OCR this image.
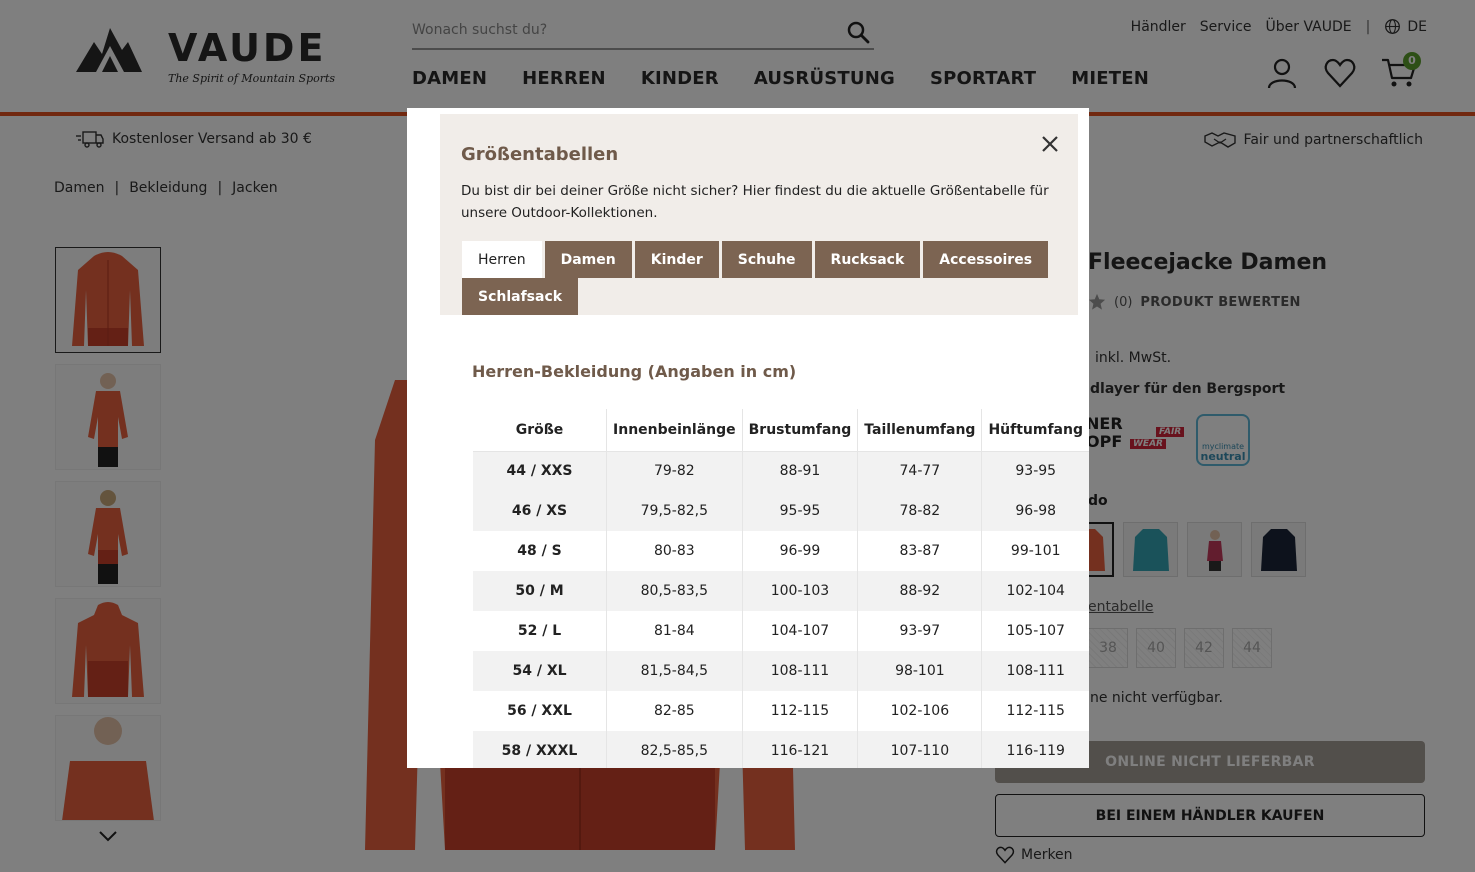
Wonach suchst du?
Größentabellen
Du bist dir bei deiner Größe nicht sicher? Hier findest du die aktuelle Größentabelle für unsere Outdoor-Kollektionen.
Herren	Damen	Kinder	Schuhe	Rucksack	Accessoires
Schlafsack
Herren-Bekleidung (Angaben in cm)
Größe	Innenbeinlänge	Brustumfang	Taillenumfang	Hüftumfang
44 / XXS	79-82	88-91	74-77	93-95
46 / XS	79,5-82,5	95-95	78-82	96-98
48 / S	80-83	96-99	83-87	99-101
50 / M	80,5-83,5	100-103	88-92	102-104
52 / L	81-84	104-107	93-97	105-107
54 / XL	81,5-84,5	108-111	98-101	108-111
56 / XXL	82-85	112-115	102-106	112-115
58 / XXXL	82,5-85,5	116-121	107-110	116-119
